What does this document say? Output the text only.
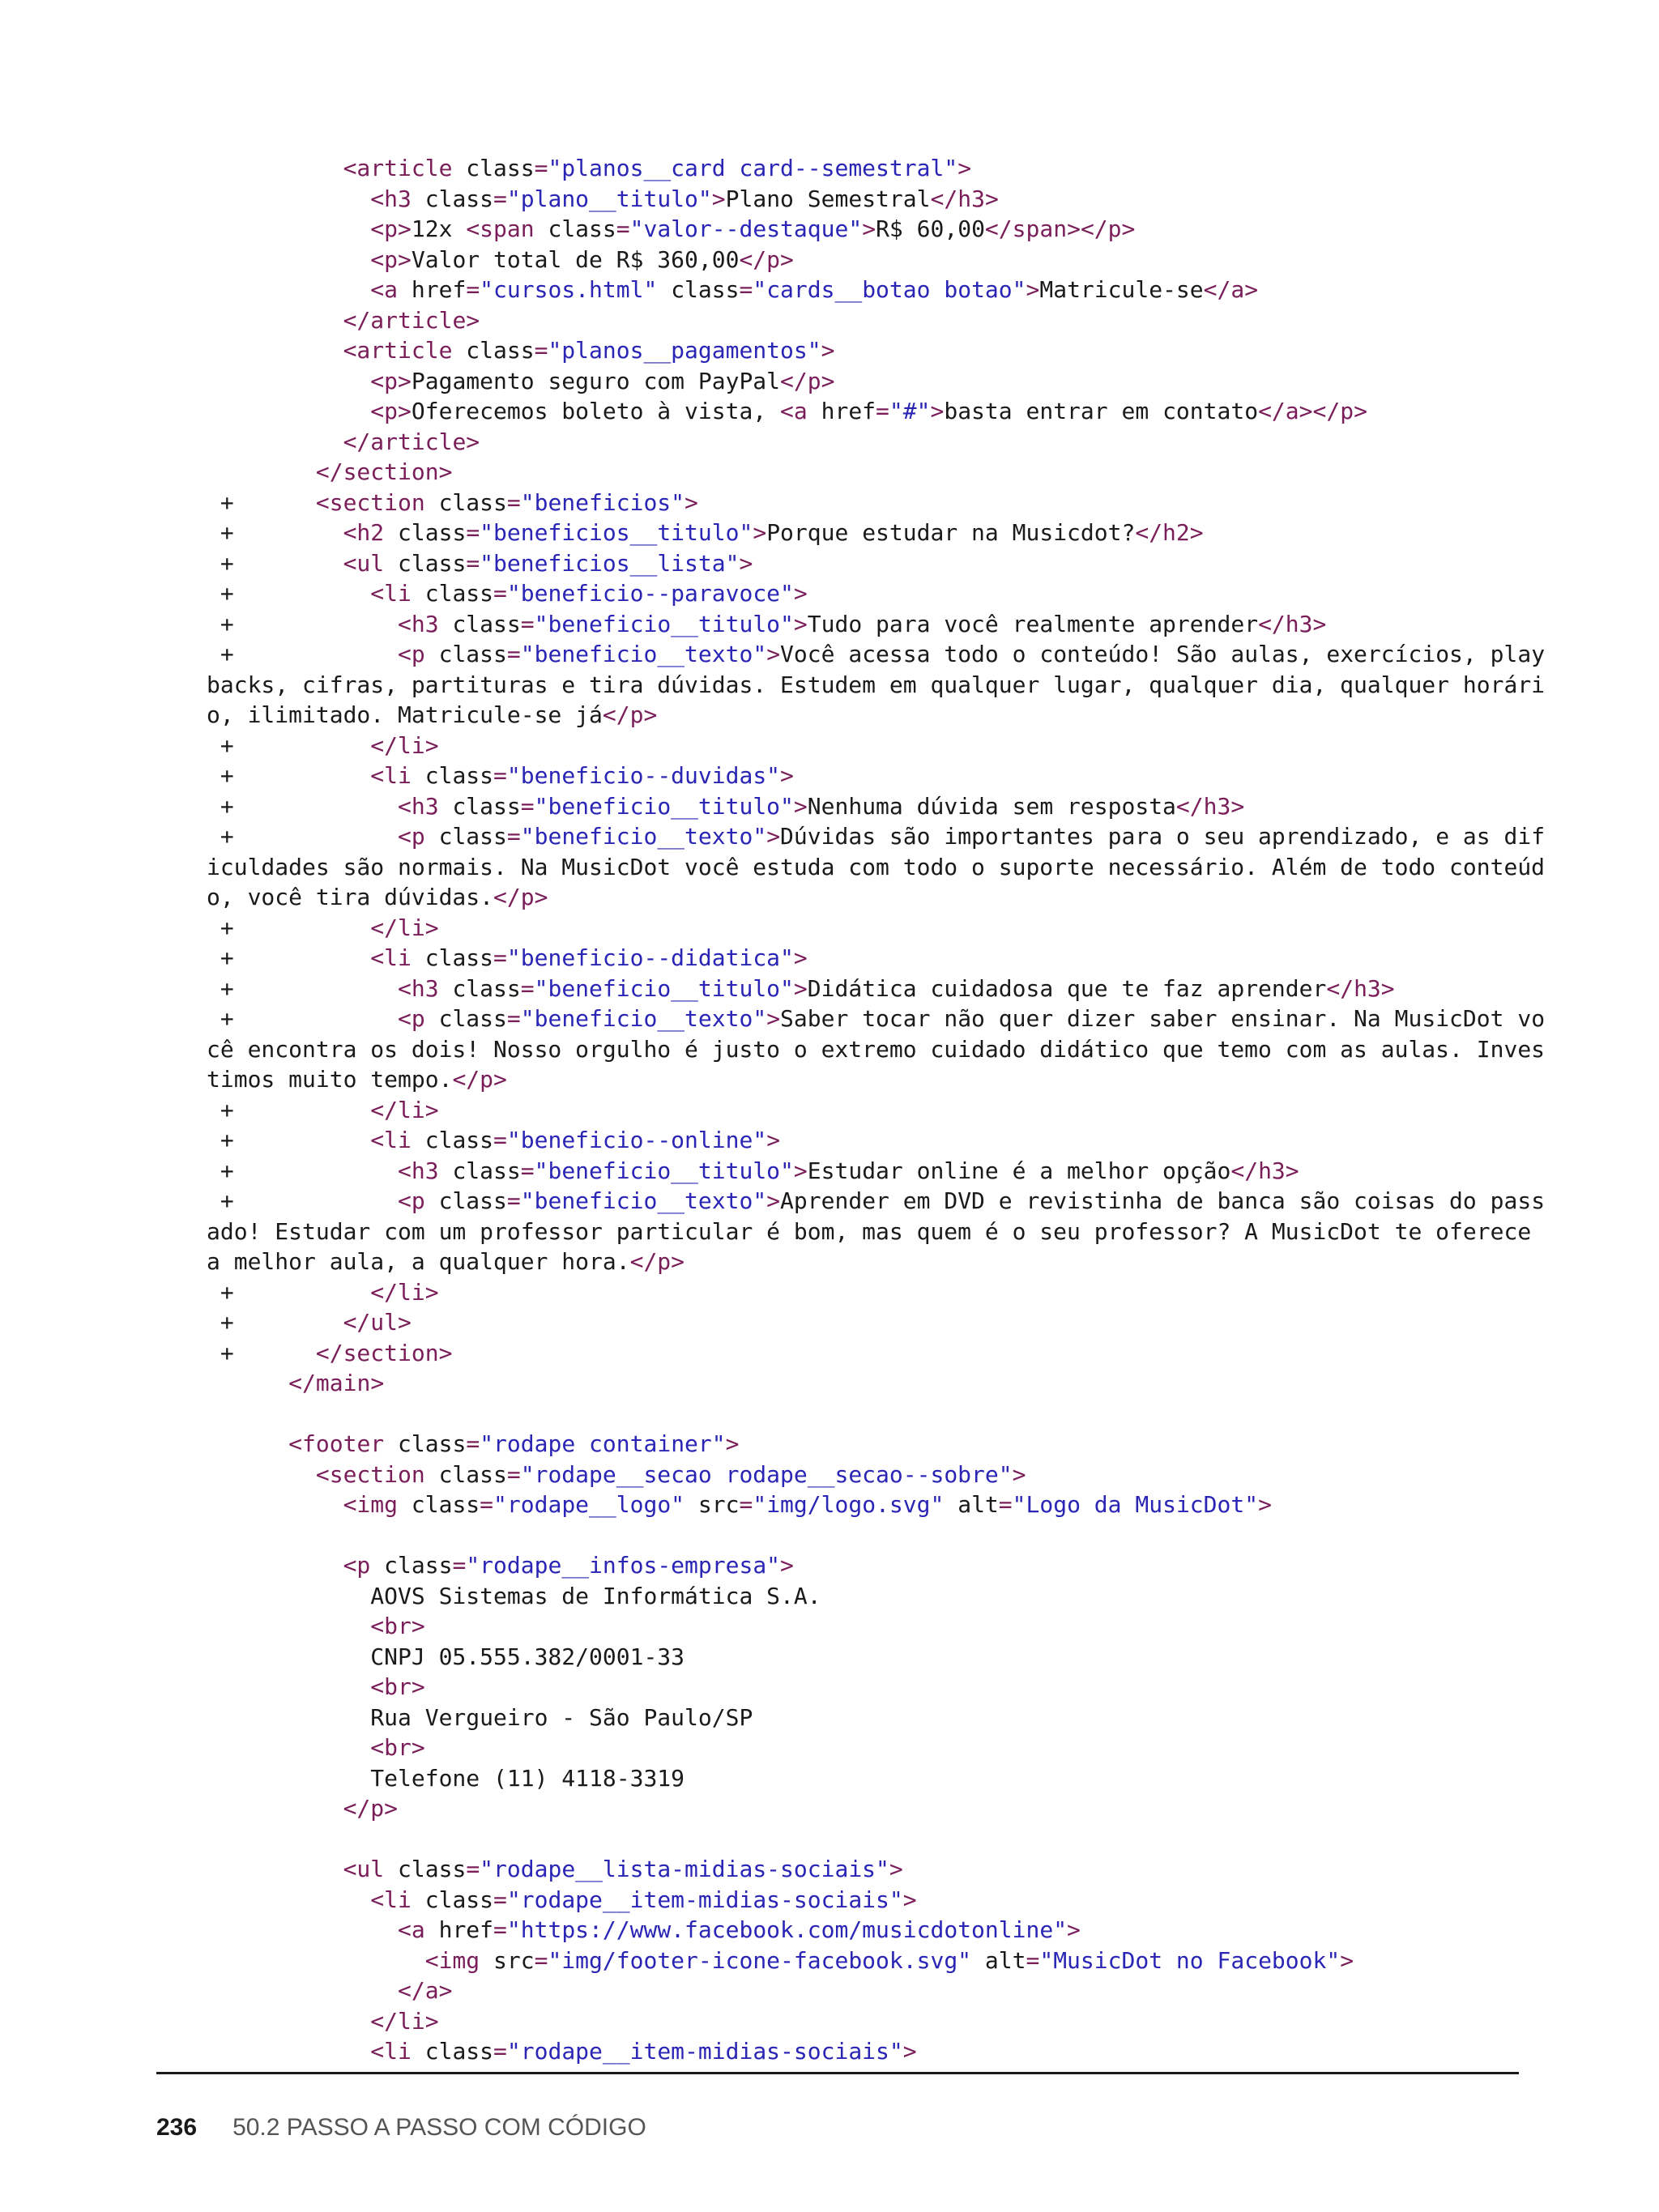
<article class="planos__card card--semestral">
<h3 class="plano__titulo">Plano Semestral</h3>
<p>12x <span class="valor--destaque">R$ 60,00</span></p>
<p>Valor total de R$ 360,00</p>
<a href="cursos.html" class="cards__botao botao">Matricule-se</a>
</article>
<article class="planos__pagamentos">
<p>Pagamento seguro com PayPal</p>
<p>Oferecemos boleto à vista, <a href="#">basta entrar em contato</a></p>
</article>
</section>
+      <section class="beneficios">
+        <h2 class="beneficios__titulo">Porque estudar na Musicdot?</h2>
+        <ul class="beneficios__lista">
+          <li class="beneficio--paravoce">
+            <h3 class="beneficio__titulo">Tudo para você realmente aprender</h3>
+            <p class="beneficio__texto">Você acessa todo o conteúdo! São aulas, exercícios, play
backs, cifras, partituras e tira dúvidas. Estudem em qualquer lugar, qualquer dia, qualquer horári
o, ilimitado. Matricule-se já</p>
+          </li>
+          <li class="beneficio--duvidas">
+            <h3 class="beneficio__titulo">Nenhuma dúvida sem resposta</h3>
+            <p class="beneficio__texto">Dúvidas são importantes para o seu aprendizado, e as dif
iculdades são normais. Na MusicDot você estuda com todo o suporte necessário. Além de todo conteúd
o, você tira dúvidas.</p>
+          </li>
+          <li class="beneficio--didatica">
+            <h3 class="beneficio__titulo">Didática cuidadosa que te faz aprender</h3>
+            <p class="beneficio__texto">Saber tocar não quer dizer saber ensinar. Na MusicDot vo
cê encontra os dois! Nosso orgulho é justo o extremo cuidado didático que temo com as aulas. Inves
timos muito tempo.</p>
+          </li>
+          <li class="beneficio--online">
+            <h3 class="beneficio__titulo">Estudar online é a melhor opção</h3>
+            <p class="beneficio__texto">Aprender em DVD e revistinha de banca são coisas do pass
ado! Estudar com um professor particular é bom, mas quem é o seu professor? A MusicDot te oferece
a melhor aula, a qualquer hora.</p>
+          </li>
+        </ul>
+      </section>
</main>

<footer class="rodape container">
<section class="rodape__secao rodape__secao--sobre">
<img class="rodape__logo" src="img/logo.svg" alt="Logo da MusicDot">

<p class="rodape__infos-empresa">
AOVS Sistemas de Informática S.A.
<br>
CNPJ 05.555.382/0001-33
<br>
Rua Vergueiro - São Paulo/SP
<br>
Telefone (11) 4118-3319
</p>

<ul class="rodape__lista-midias-sociais">
<li class="rodape__item-midias-sociais">
<a href="https://www.facebook.com/musicdotonline">
<img src="img/footer-icone-facebook.svg" alt="MusicDot no Facebook">
</a>
</li>
<li class="rodape__item-midias-sociais">
236 50.2 PASSO A PASSO COM CÓDIGO
